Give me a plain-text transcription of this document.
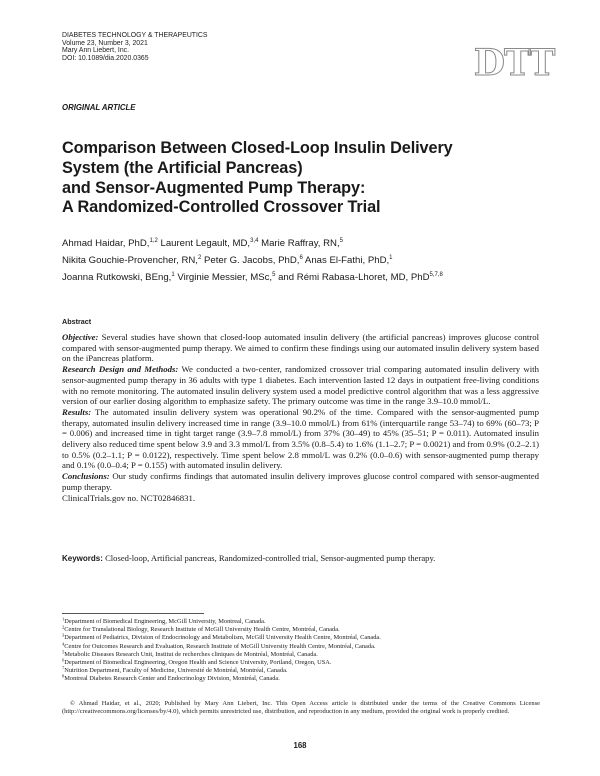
DIABETES TECHNOLOGY & THERAPEUTICS
Volume 23, Number 3, 2021
Mary Ann Liebert, Inc.
DOI: 10.1089/dia.2020.0365	DTT
ORIGINAL ARTICLE
Comparison Between Closed-Loop Insulin Delivery
System (the Artificial Pancreas)
and Sensor-Augmented Pump Therapy:
A Randomized-Controlled Crossover Trial
Ahmad Haidar, PhD,$^{1,2}$ Laurent Legault, MD,$^{3,4}$ Marie Raffray, RN,$^5$
Nikita Gouchie-Provencher, RN,$^2$ Peter G. Jacobs, PhD,$^6$ Anas El-Fathi, PhD,$^1$
Joanna Rutkowski, BEng,$^1$ Virginie Messier, MSc,$^5$ and Rémi Rabasa-Lhoret, MD, PhD$^{5,7,8}$
Abstract

Objective: Several studies have shown that closed-loop automated insulin delivery (the artificial pancreas) improves glucose control compared with sensor-augmented pump therapy. We aimed to confirm these findings using our automated insulin delivery system based on the iPancreas platform.

Research Design and Methods: We conducted a two-center, randomized crossover trial comparing automated insulin delivery with sensor-augmented pump therapy in 36 adults with type 1 diabetes. Each intervention lasted 12 days in outpatient free-living conditions with no remote monitoring. The automated insulin delivery system used a model predictive control algorithm that was a less aggressive version of our earlier dosing algorithm to emphasize safety. The primary outcome was time in the range 3.9–10.0 mmol/L.

Results: The automated insulin delivery system was operational 90.2% of the time. Compared with the sensor-augmented pump therapy, automated insulin delivery increased time in range (3.9–10.0 mmol/L) from 61% (interquartile range 53–74) to 69% (60–73; P = 0.006) and increased time in tight target range (3.9–7.8 mmol/L) from 37% (30–49) to 45% (35–51; P = 0.011). Automated insulin delivery also reduced time spent below 3.9 and 3.3 mmol/L from 3.5% (0.8–5.4) to 1.6% (1.1–2.7; P = 0.0021) and from 0.9% (0.2–2.1) to 0.5% (0.2–1.1; P = 0.0122), respectively. Time spent below 2.8 mmol/L was 0.2% (0.0–0.6) with sensor-augmented pump therapy and 0.1% (0.0–0.4; P = 0.155) with automated insulin delivery.

Conclusions: Our study confirms findings that automated insulin delivery improves glucose control compared with sensor-augmented pump therapy.

ClinicalTrials.gov no. NCT02846831.

Keywords: Closed-loop, Artificial pancreas, Randomized-controlled trial, Sensor-augmented pump therapy.
$^1$Department of Biomedical Engineering, McGill University, Montreal, Canada.
$^2$Centre for Translational Biology, Research Institute of McGill University Health Centre, Montréal, Canada.
$^3$Department of Pediatrics, Division of Endocrinology and Metabolism, McGill University Health Centre, Montréal, Canada.
$^4$Centre for Outcomes Research and Evaluation, Research Institute of McGill University Health Centre, Montréal, Canada.
$^5$Metabolic Diseases Research Unit, Institut de recherches cliniques de Montréal, Montréal, Canada.
$^6$Department of Biomedical Engineering, Oregon Health and Science University, Portland, Oregon, USA.
$^7$Nutrition Department, Faculty of Medicine, Université de Montréal, Montréal, Canada.
$^8$Montreal Diabetes Research Center and Endocrinology Division, Montréal, Canada.
© Ahmad Haidar, et al., 2020; Published by Mary Ann Liebert, Inc. This Open Access article is distributed under the terms of the Creative Commons License (http://creativecommons.org/licenses/by/4.0), which permits unrestricted use, distribution, and reproduction in any medium, provided the original work is properly credited.
168
